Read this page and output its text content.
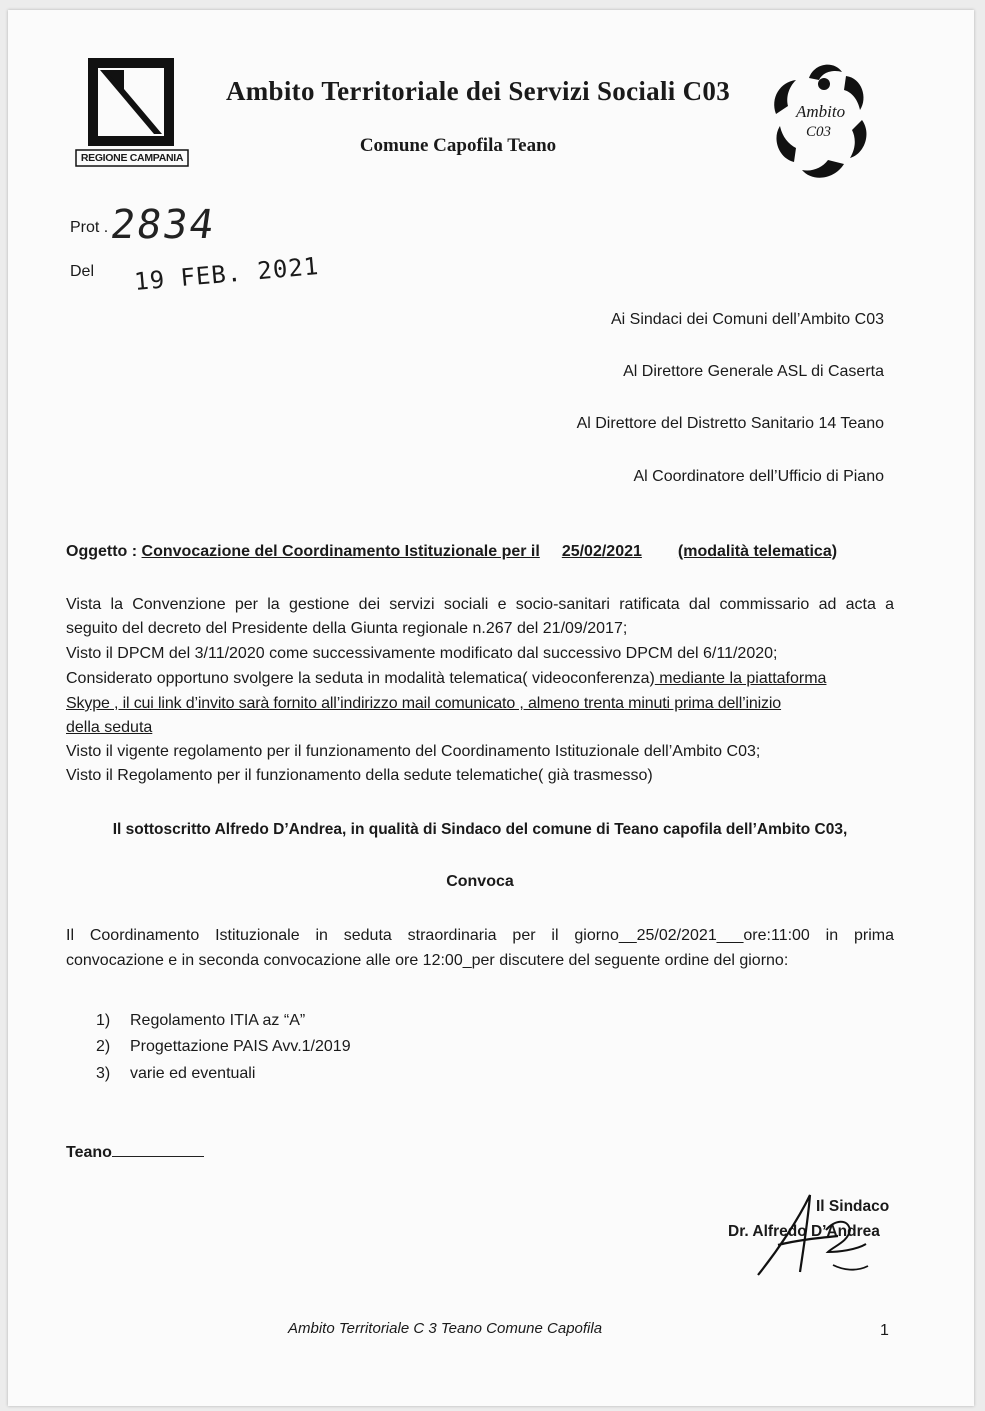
REGIONE CAMPANIA
Ambito Territoriale dei Servizi Sociali C03
Comune Capofila Teano
Ambito
C03
Prot . 2834
Del 19 FEB. 2021
Ai Sindaci dei Comuni dell’Ambito C03
Al Direttore Generale ASL di Caserta
Al Direttore del Distretto Sanitario 14 Teano
Al Coordinatore dell’Ufficio di Piano
Oggetto : Convocazione del Coordinamento Istituzionale per il 25/02/2021 (modalità telematica)
Vista la Convenzione per la gestione dei servizi sociali e socio-sanitari ratificata dal commissario ad acta a
seguito del decreto del Presidente della Giunta regionale n.267 del 21/09/2017;
Visto il DPCM del 3/11/2020 come successivamente modificato dal successivo DPCM del 6/11/2020;
Considerato opportuno svolgere la seduta in modalità telematica( videoconferenza) mediante la piattaforma
Skype , il cui link d’invito sarà fornito all’indirizzo mail comunicato , almeno trenta minuti prima dell’inizio
della seduta
Visto il vigente regolamento per il funzionamento del Coordinamento Istituzionale dell’Ambito C03;
Visto il Regolamento per il funzionamento della sedute telematiche( già trasmesso)
Il sottoscritto Alfredo D’Andrea, in qualità di Sindaco del comune di Teano capofila dell’Ambito C03,
Convoca
Il Coordinamento Istituzionale in seduta straordinaria per il giorno__25/02/2021___ore:11:00 in prima
convocazione e in seconda convocazione alle ore 12:00_per discutere del seguente ordine del giorno:
1) Regolamento ITIA az “A”
2) Progettazione PAIS Avv.1/2019
3) varie ed eventuali
Teano
Il Sindaco
Dr. Alfredo D’Andrea
Ambito Territoriale C 3 Teano Comune Capofila	1
